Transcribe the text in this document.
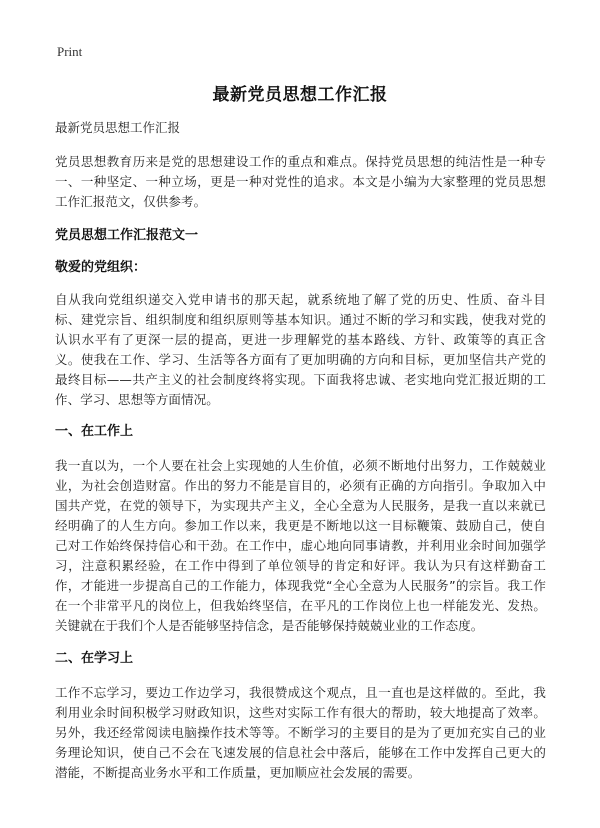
Print
最新党员思想工作汇报

最新党员思想工作汇报

党员思想教育历来是党的思想建设工作的重点和难点。保持党员思想的纯洁性是一种专一、一种坚定、一种立场，更是一种对党性的追求。本文是小编为大家整理的党员思想工作汇报范文，仅供参考。

党员思想工作汇报范文一

敬爱的党组织：

自从我向党组织递交入党申请书的那天起，就系统地了解了党的历史、性质、奋斗目标、建党宗旨、组织制度和组织原则等基本知识。通过不断的学习和实践，使我对党的认识水平有了更深一层的提高，更进一步理解党的基本路线、方针、政策等的真正含义。使我在工作、学习、生活等各方面有了更加明确的方向和目标，更加坚信共产党的最终目标——共产主义的社会制度终将实现。下面我将忠诚、老实地向党汇报近期的工作、学习、思想等方面情况。

一、在工作上

我一直以为，一个人要在社会上实现她的人生价值，必须不断地付出努力，工作兢兢业业，为社会创造财富。作出的努力不能是盲目的，必须有正确的方向指引。争取加入中国共产党，在党的领导下，为实现共产主义，全心全意为人民服务，是我一直以来就已经明确了的人生方向。参加工作以来，我更是不断地以这一目标鞭策、鼓励自己，使自己对工作始终保持信心和干劲。在工作中，虚心地向同事请教，并利用业余时间加强学习，注意积累经验，在工作中得到了单位领导的肯定和好评。我认为只有这样勤奋工作，才能进一步提高自己的工作能力，体现我党“全心全意为人民服务”的宗旨。我工作在一个非常平凡的岗位上，但我始终坚信，在平凡的工作岗位上也一样能发光、发热。关键就在于我们个人是否能够坚持信念，是否能够保持兢兢业业的工作态度。

二、在学习上

工作不忘学习，要边工作边学习，我很赞成这个观点，且一直也是这样做的。至此，我利用业余时间积极学习财政知识，这些对实际工作有很大的帮助，较大地提高了效率。另外，我还经常阅读电脑操作技术等等。不断学习的主要目的是为了更加充实自己的业务理论知识，使自己不会在飞速发展的信息社会中落后，能够在工作中发挥自己更大的潜能，不断提高业务水平和工作质量，更加顺应社会发展的需要。
